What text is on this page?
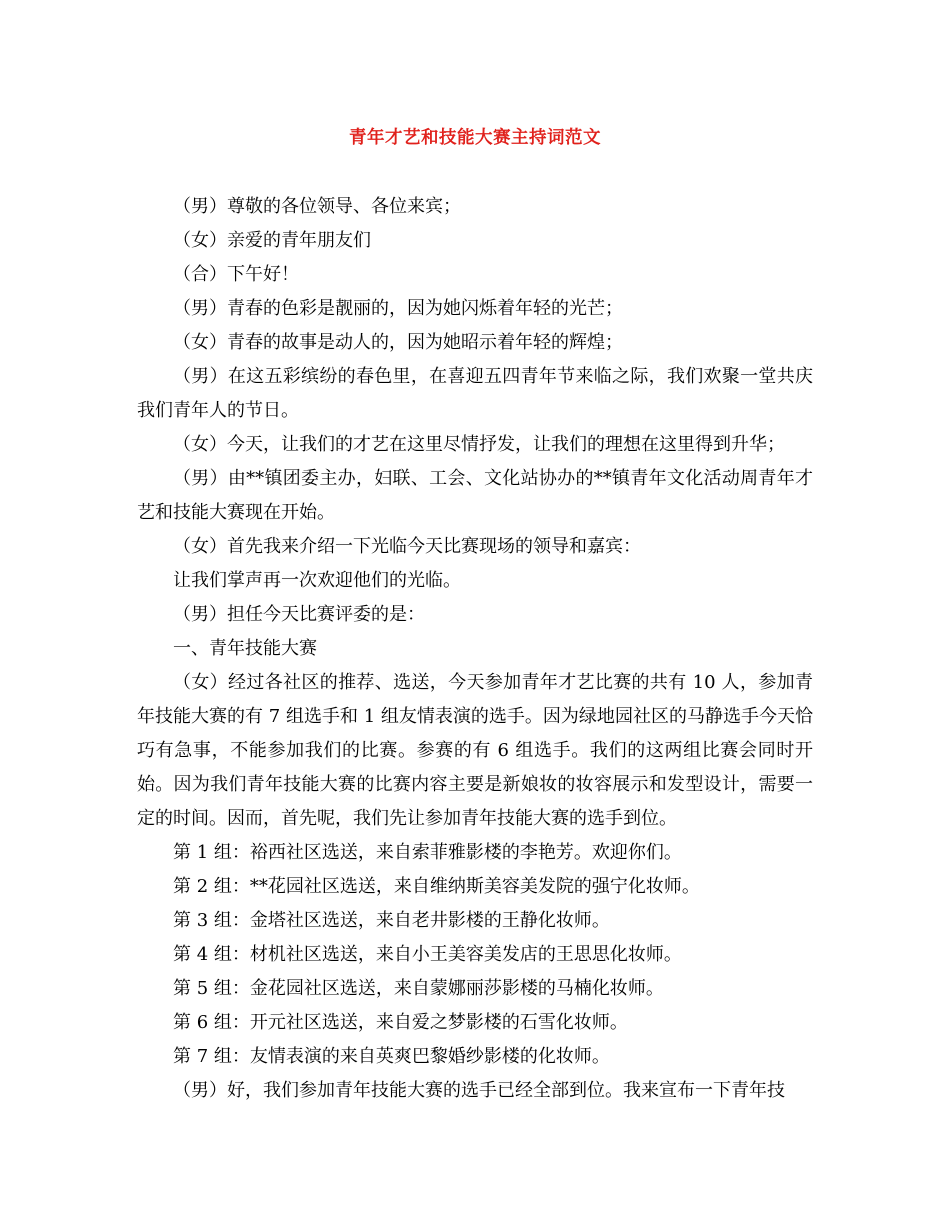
青年才艺和技能大赛主持词范文

（男）尊敬的各位领导、各位来宾；

（女）亲爱的青年朋友们

（合）下午好！

（男）青春的色彩是靓丽的，因为她闪烁着年轻的光芒；

（女）青春的故事是动人的，因为她昭示着年轻的辉煌；

（男）在这五彩缤纷的春色里，在喜迎五四青年节来临之际，我们欢聚一堂共庆我们青年人的节日。

（女）今天，让我们的才艺在这里尽情抒发，让我们的理想在这里得到升华；

（男）由**镇团委主办，妇联、工会、文化站协办的**镇青年文化活动周青年才艺和技能大赛现在开始。

（女）首先我来介绍一下光临今天比赛现场的领导和嘉宾：

让我们掌声再一次欢迎他们的光临。

（男）担任今天比赛评委的是：

一、青年技能大赛

（女）经过各社区的推荐、选送，今天参加青年才艺比赛的共有 10 人，参加青年技能大赛的有 7 组选手和 1 组友情表演的选手。因为绿地园社区的马静选手今天恰巧有急事，不能参加我们的比赛。参赛的有 6 组选手。我们的这两组比赛会同时开始。因为我们青年技能大赛的比赛内容主要是新娘妆的妆容展示和发型设计，需要一定的时间。因而，首先呢，我们先让参加青年技能大赛的选手到位。

第 1 组：裕西社区选送，来自索菲雅影楼的李艳芳。欢迎你们。

第 2 组：**花园社区选送，来自维纳斯美容美发院的强宁化妆师。

第 3 组：金塔社区选送，来自老井影楼的王静化妆师。

第 4 组：材机社区选送，来自小王美容美发店的王思思化妆师。

第 5 组：金花园社区选送，来自蒙娜丽莎影楼的马楠化妆师。

第 6 组：开元社区选送，来自爱之梦影楼的石雪化妆师。

第 7 组：友情表演的来自英爽巴黎婚纱影楼的化妆师。

（男）好，我们参加青年技能大赛的选手已经全部到位。我来宣布一下青年技
